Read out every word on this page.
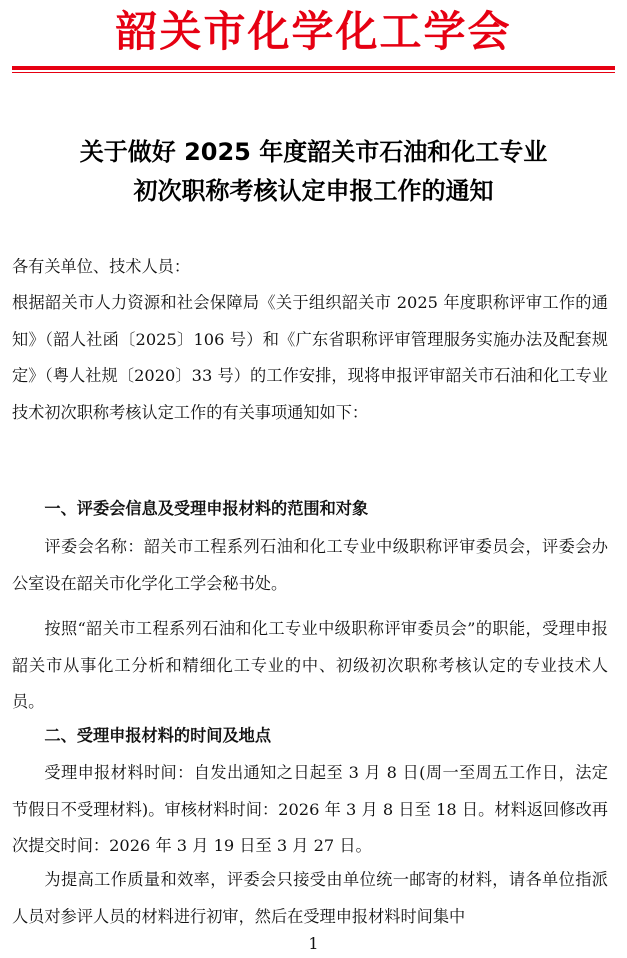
韶关市化学化工学会
关于做好 2025 年度韶关市石油和化工专业
初次职称考核认定申报工作的通知

各有关单位、技术人员：

根据韶关市人力资源和社会保障局《关于组织韶关市 2025 年度职称评审工作的通知》（韶人社函〔2025〕106 号）和《广东省职称评审管理服务实施办法及配套规定》（粤人社规〔2020〕33 号）的工作安排，现将申报评审韶关市石油和化工专业技术初次职称考核认定工作的有关事项通知如下：

一、评委会信息及受理申报材料的范围和对象

评委会名称：韶关市工程系列石油和化工专业中级职称评审委员会，评委会办公室设在韶关市化学化工学会秘书处。

按照“韶关市工程系列石油和化工专业中级职称评审委员会”的职能，受理申报韶关市从事化工分析和精细化工专业的中、初级初次职称考核认定的专业技术人员。

二、受理申报材料的时间及地点

受理申报材料时间：自发出通知之日起至 3 月 8 日(周一至周五工作日，法定节假日不受理材料)。审核材料时间：2026 年 3 月 8 日至 18 日。材料返回修改再次提交时间：2026 年 3 月 19 日至 3 月 27 日。

为提高工作质量和效率，评委会只接受由单位统一邮寄的材料，请各单位指派人员对参评人员的材料进行初审，然后在受理申报材料时间集中

1
